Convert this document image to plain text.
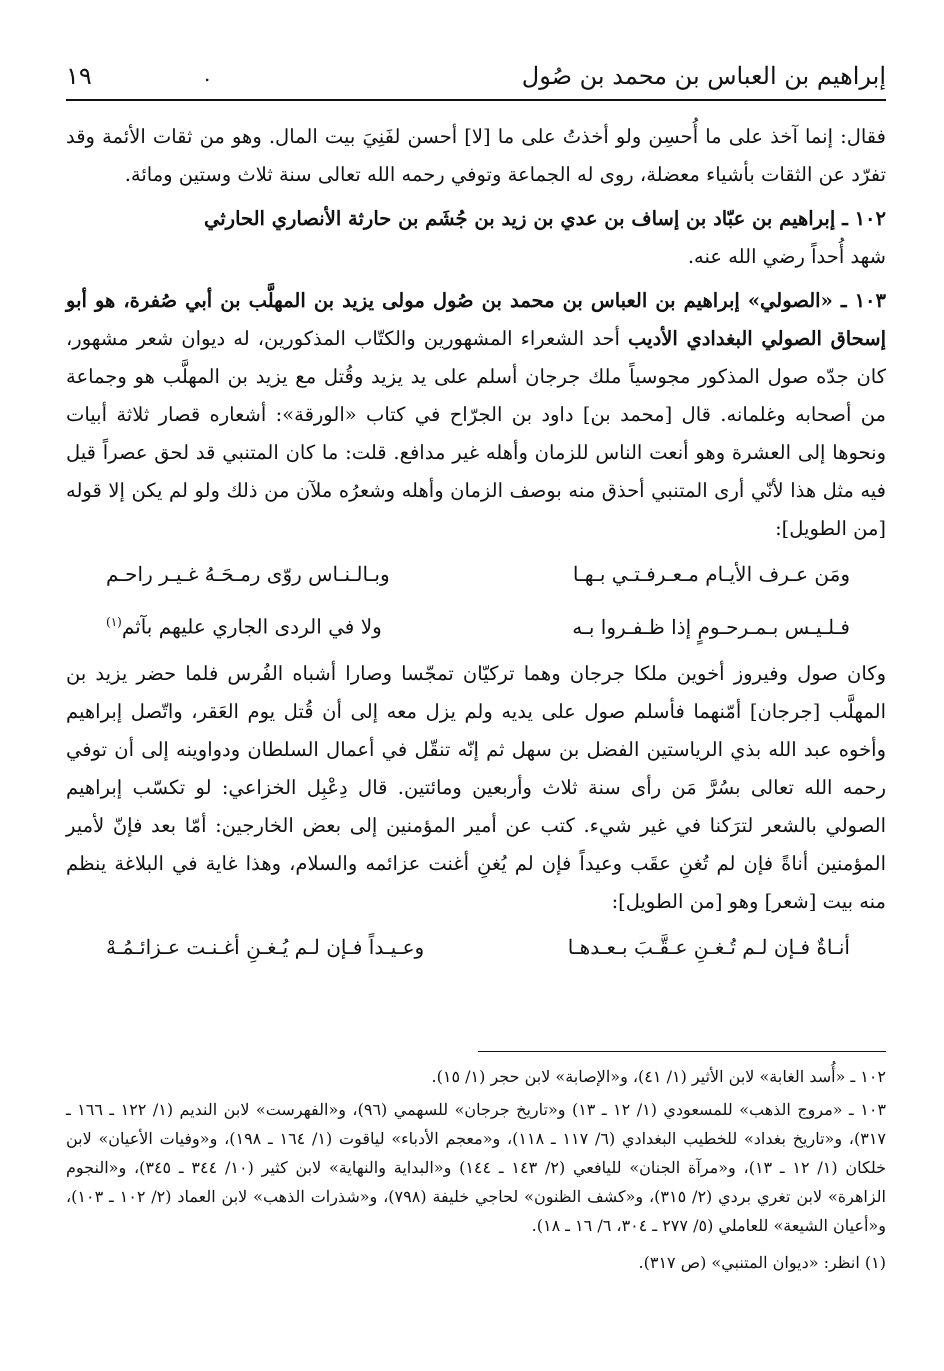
إبراهيم بن العباس بن محمد بن صُول
.
١٩

فقال: إنما آخذ على ما أُحسِن ولو أخذتُ على ما [لا] أحسن لفَنِيَ بيت المال. وهو من ثقات الأئمة وقد تفرّد عن الثقات بأشياء معضلة، روى له الجماعة وتوفي رحمه الله تعالى سنة ثلاث وستين ومائة.

١٠٢ ـ إبراهيم بن عبّاد بن إساف بن عدي بن زيد بن جُشَم بن حارثة الأنصاري الحارثي
شهد أُحداً رضي الله عنه.

١٠٣ ـ «الصولي» إبراهيم بن العباس بن محمد بن صُول مولى يزيد بن المهلَّب بن أبي صُفرة، هو أبو إسحاق الصولي البغدادي الأديب أحد الشعراء المشهورين والكتّاب المذكورين، له ديوان شعر مشهور، كان جدّه صول المذكور مجوسياً ملك جرجان أسلم على يد يزيد وقُتل مع يزيد بن المهلَّب هو وجماعة من أصحابه وغلمانه. قال [محمد بن] داود بن الجرّاح في كتاب «الورقة»: أشعاره قصار ثلاثة أبيات ونحوها إلى العشرة وهو أنعت الناس للزمان وأهله غير مدافع. قلت: ما كان المتنبي قد لحق عصراً قيل فيه مثل هذا لأنّي أرى المتنبي أحذق منه بوصف الزمان وأهله وشعرُه ملآن من ذلك ولو لم يكن إلا قوله [من الطويل]:

ومَن عـرف الأيـام مـعـرفـتـي بـهـا
وبـالـنـاس روّى رمـحَـهُ غـيـر راحـم
فـلـيـس بـمـرحـومٍ إذا ظـفـروا بـه
ولا في الردى الجاري عليهم بآثم$^{(١)}$

وكان صول وفيروز أخوين ملكا جرجان وهما تركيّان تمجّسا وصارا أشباه الفُرس فلما حضر يزيد بن المهلَّب [جرجان] أمّنهما فأسلم صول على يديه ولم يزل معه إلى أن قُتل يوم العَقر، واتّصل إبراهيم وأخوه عبد الله بذي الرياستين الفضل بن سهل ثم إنّه تنقّل في أعمال السلطان ودواوينه إلى أن توفي رحمه الله تعالى بسُرَّ مَن رأى سنة ثلاث وأربعين ومائتين. قال دِعْبِل الخزاعي: لو تكسّب إبراهيم الصولي بالشعر لترَكنا في غير شيء. كتب عن أمير المؤمنين إلى بعض الخارجين: أمّا بعد فإنّ لأمير المؤمنين أناةً فإن لم تُغنِ عقَب وعيداً فإن لم يُغنِ أغنت عزائمه والسلام، وهذا غاية في البلاغة ينظم منه بيت [شعر] وهو [من الطويل]:

أنـاةٌ فـإن لـم تُـغـنِ عـقَّـبَ بـعـدهـا
وعـيـداً فـإن لـم يُـغـنِ أغـنـت عـزائـمُـهْ

١٠٢ ـ «أُسد الغابة» لابن الأثير (١/ ٤١)، و«الإصابة» لابن حجر (١/ ١٥).

١٠٣ ـ «مروج الذهب» للمسعودي (١/ ١٢ ـ ١٣) و«تاريخ جرجان» للسهمي (٩٦)، و«الفهرست» لابن النديم (١/ ١٢٢ ـ ١٦٦ ـ ٣١٧)، و«تاريخ بغداد» للخطيب البغدادي (٦/ ١١٧ ـ ١١٨)، و«معجم الأدباء» لياقوت (١/ ١٦٤ ـ ١٩٨)، و«وفيات الأعيان» لابن خلكان (١/ ١٢ ـ ١٣)، و«مرآة الجنان» لليافعي (٢/ ١٤٣ ـ ١٤٤) و«البداية والنهاية» لابن كثير (١٠/ ٣٤٤ ـ ٣٤٥)، و«النجوم الزاهرة» لابن تغري بردي (٢/ ٣١٥)، و«كشف الظنون» لحاجي خليفة (٧٩٨)، و«شذرات الذهب» لابن العماد (٢/ ١٠٢ ـ ١٠٣)، و«أعيان الشيعة» للعاملي (٥/ ٢٧٧ ـ ٣٠٤، ٦/ ١٦ ـ ١٨).

(١) انظر: «ديوان المتنبي» (ص ٣١٧).
